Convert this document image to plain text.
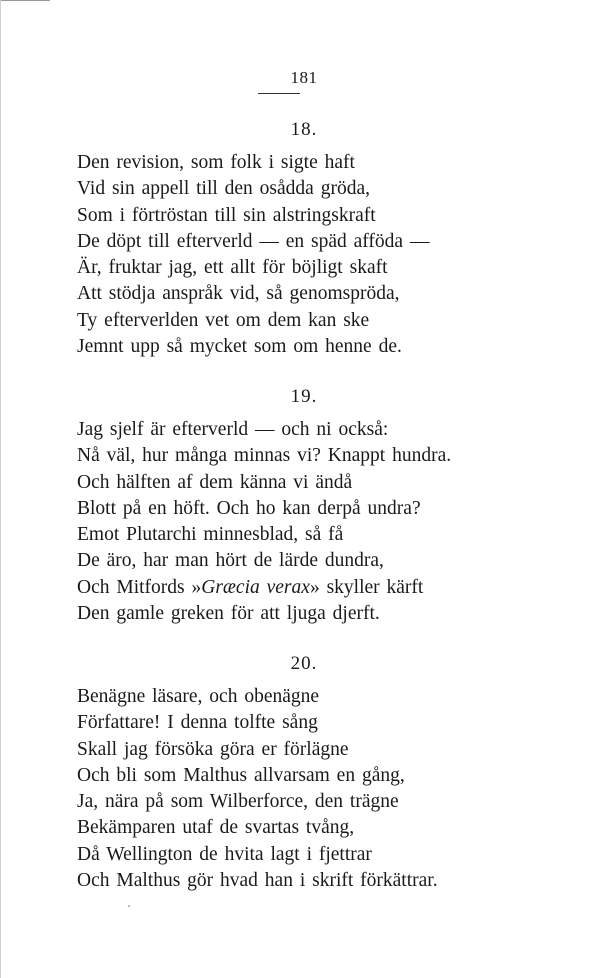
181
18.
Den revision, som folk i sigte haft
Vid sin appell till den osådda gröda,
Som i förtröstan till sin alstringskraft
De döpt till efterverld — en späd afföda —
Är, fruktar jag, ett allt för böjligt skaft
Att stödja anspråk vid, så genomspröda,
Ty efterverlden vet om dem kan ske
Jemnt upp så mycket som om henne de.
19.
Jag sjelf är efterverld — och ni också:
Nå väl, hur många minnas vi? Knappt hundra.
Och hälften af dem känna vi ändå
Blott på en höft. Och ho kan derpå undra?
Emot Plutarchi minnesblad, så få
De äro, har man hört de lärde dundra,
Och Mitfords »Græcia verax» skyller kärft
Den gamle greken för att ljuga djerft.
20.
Benägne läsare, och obenägne
Författare! I denna tolfte sång
Skall jag försöka göra er förlägne
Och bli som Malthus allvarsam en gång,
Ja, nära på som Wilberforce, den trägne
Bekämparen utaf de svartas tvång,
Då Wellington de hvita lagt i fjettrar
Och Malthus gör hvad han i skrift förkättrar.
